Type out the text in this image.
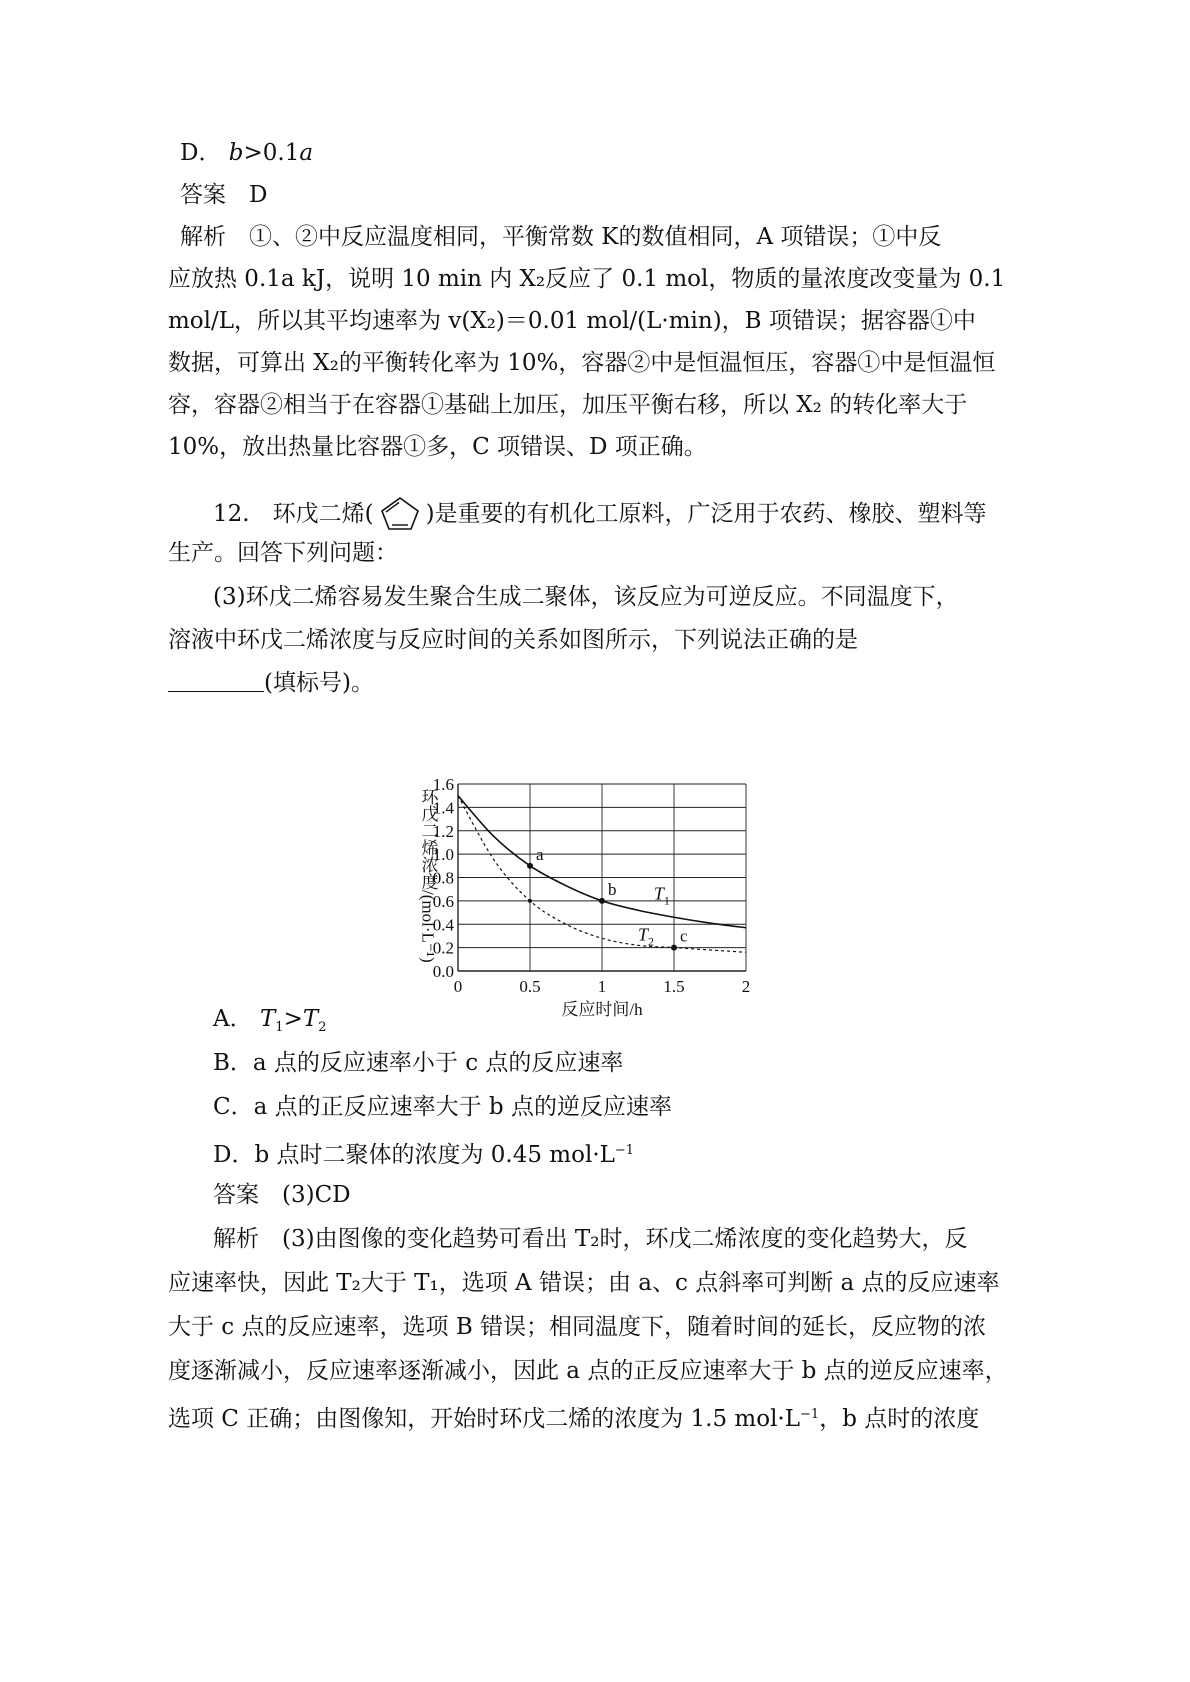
D． b>0.1a
答案　D
解析　①、②中反应温度相同，平衡常数 K的数值相同，A 项错误；①中反
应放热 0.1a kJ，说明 10 min 内 X₂反应了 0.1 mol，物质的量浓度改变量为 0.1
mol/L，所以其平均速率为 v(X₂)＝0.01 mol/(L·min)，B 项错误；据容器①中
数据，可算出 X₂的平衡转化率为 10%，容器②中是恒温恒压，容器①中是恒温恒
容，容器②相当于在容器①基础上加压，加压平衡右移，所以 X₂ 的转化率大于
10%，放出热量比容器①多，C 项错误、D 项正确。
12.　环戊二烯( )是重要的有机化工原料，广泛用于农药、橡胶、塑料等
生产。回答下列问题：
(3)环戊二烯容易发生聚合生成二聚体，该反应为可逆反应。不同温度下，
溶液中环戊二烯浓度与反应时间的关系如图所示，下列说法正确的是
(填标号)。
0.0
0.2
0.4
0.6
0.8
1.0
1.2
1.4
1.6
0	0.5	1	1.5	2
反应时间/h
环戊二烯浓度/(mol·L⁻¹)	$T_1$
$T_2$
a
b
c
A． $T_1>T_2$
B．a 点的反应速率小于 c 点的反应速率
C．a 点的正反应速率大于 b 点的逆反应速率
D．b 点时二聚体的浓度为 0.45 $mol\cdot L^{-1}$
答案　(3)CD
解析　(3)由图像的变化趋势可看出 T₂时，环戊二烯浓度的变化趋势大，反
应速率快，因此 T₂大于 T₁，选项 A 错误；由 a、c 点斜率可判断 a 点的反应速率
大于 c 点的反应速率，选项 B 错误；相同温度下，随着时间的延长，反应物的浓
度逐渐减小，反应速率逐渐减小，因此 a 点的正反应速率大于 b 点的逆反应速率，
选项 C 正确；由图像知，开始时环戊二烯的浓度为 1.5 $mol\cdot L^{-1}$，b 点时的浓度
